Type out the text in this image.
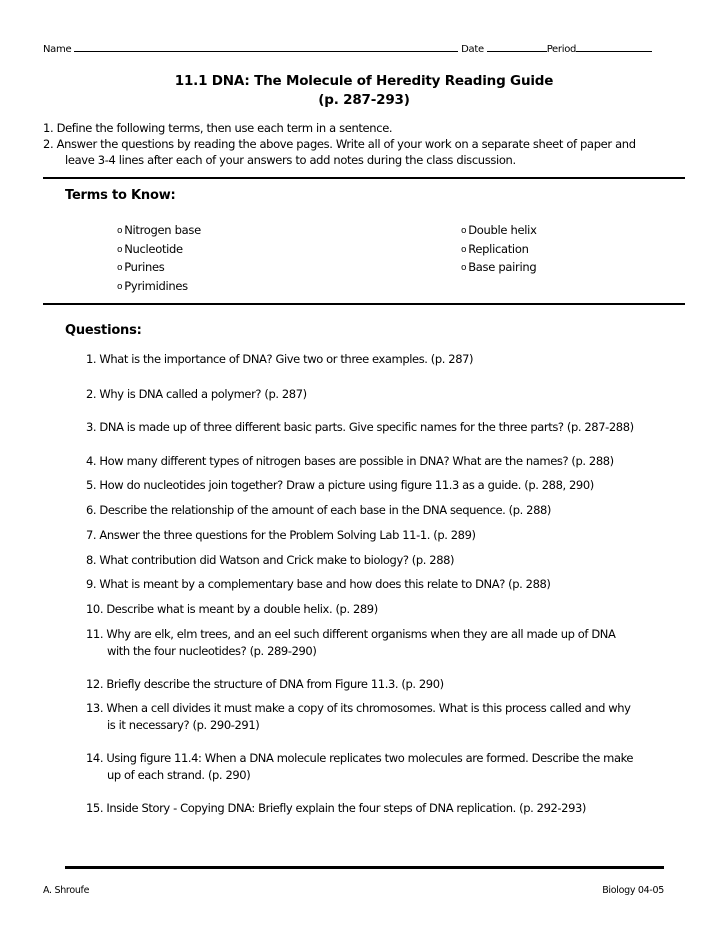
Name	Date	Period
11.1 DNA: The Molecule of Heredity Reading Guide
(p. 287-293)
1. Define the following terms, then use each term in a sentence.
2. Answer the questions by reading the above pages. Write all of your work on a separate sheet of paper and
leave 3-4 lines after each of your answers to add notes during the class discussion.
Terms to Know:
o Nitrogen base
o Nucleotide
o Purines
o Pyrimidines
o Double helix
o Replication
o Base pairing
Questions:
1. What is the importance of DNA? Give two or three examples. (p. 287)
2. Why is DNA called a polymer? (p. 287)
3. DNA is made up of three different basic parts. Give specific names for the three parts? (p. 287-288)
4. How many different types of nitrogen bases are possible in DNA? What are the names? (p. 288)
5. How do nucleotides join together? Draw a picture using figure 11.3 as a guide. (p. 288, 290)
6. Describe the relationship of the amount of each base in the DNA sequence. (p. 288)
7. Answer the three questions for the Problem Solving Lab 11-1. (p. 289)
8. What contribution did Watson and Crick make to biology? (p. 288)
9. What is meant by a complementary base and how does this relate to DNA? (p. 288)
10. Describe what is meant by a double helix. (p. 289)
11. Why are elk, elm trees, and an eel such different organisms when they are all made up of DNA
with the four nucleotides? (p. 289-290)
12. Briefly describe the structure of DNA from Figure 11.3. (p. 290)
13. When a cell divides it must make a copy of its chromosomes. What is this process called and why
is it necessary? (p. 290-291)
14. Using figure 11.4: When a DNA molecule replicates two molecules are formed. Describe the make
up of each strand. (p. 290)
15. Inside Story - Copying DNA: Briefly explain the four steps of DNA replication. (p. 292-293)
A. Shroufe	Biology 04-05
